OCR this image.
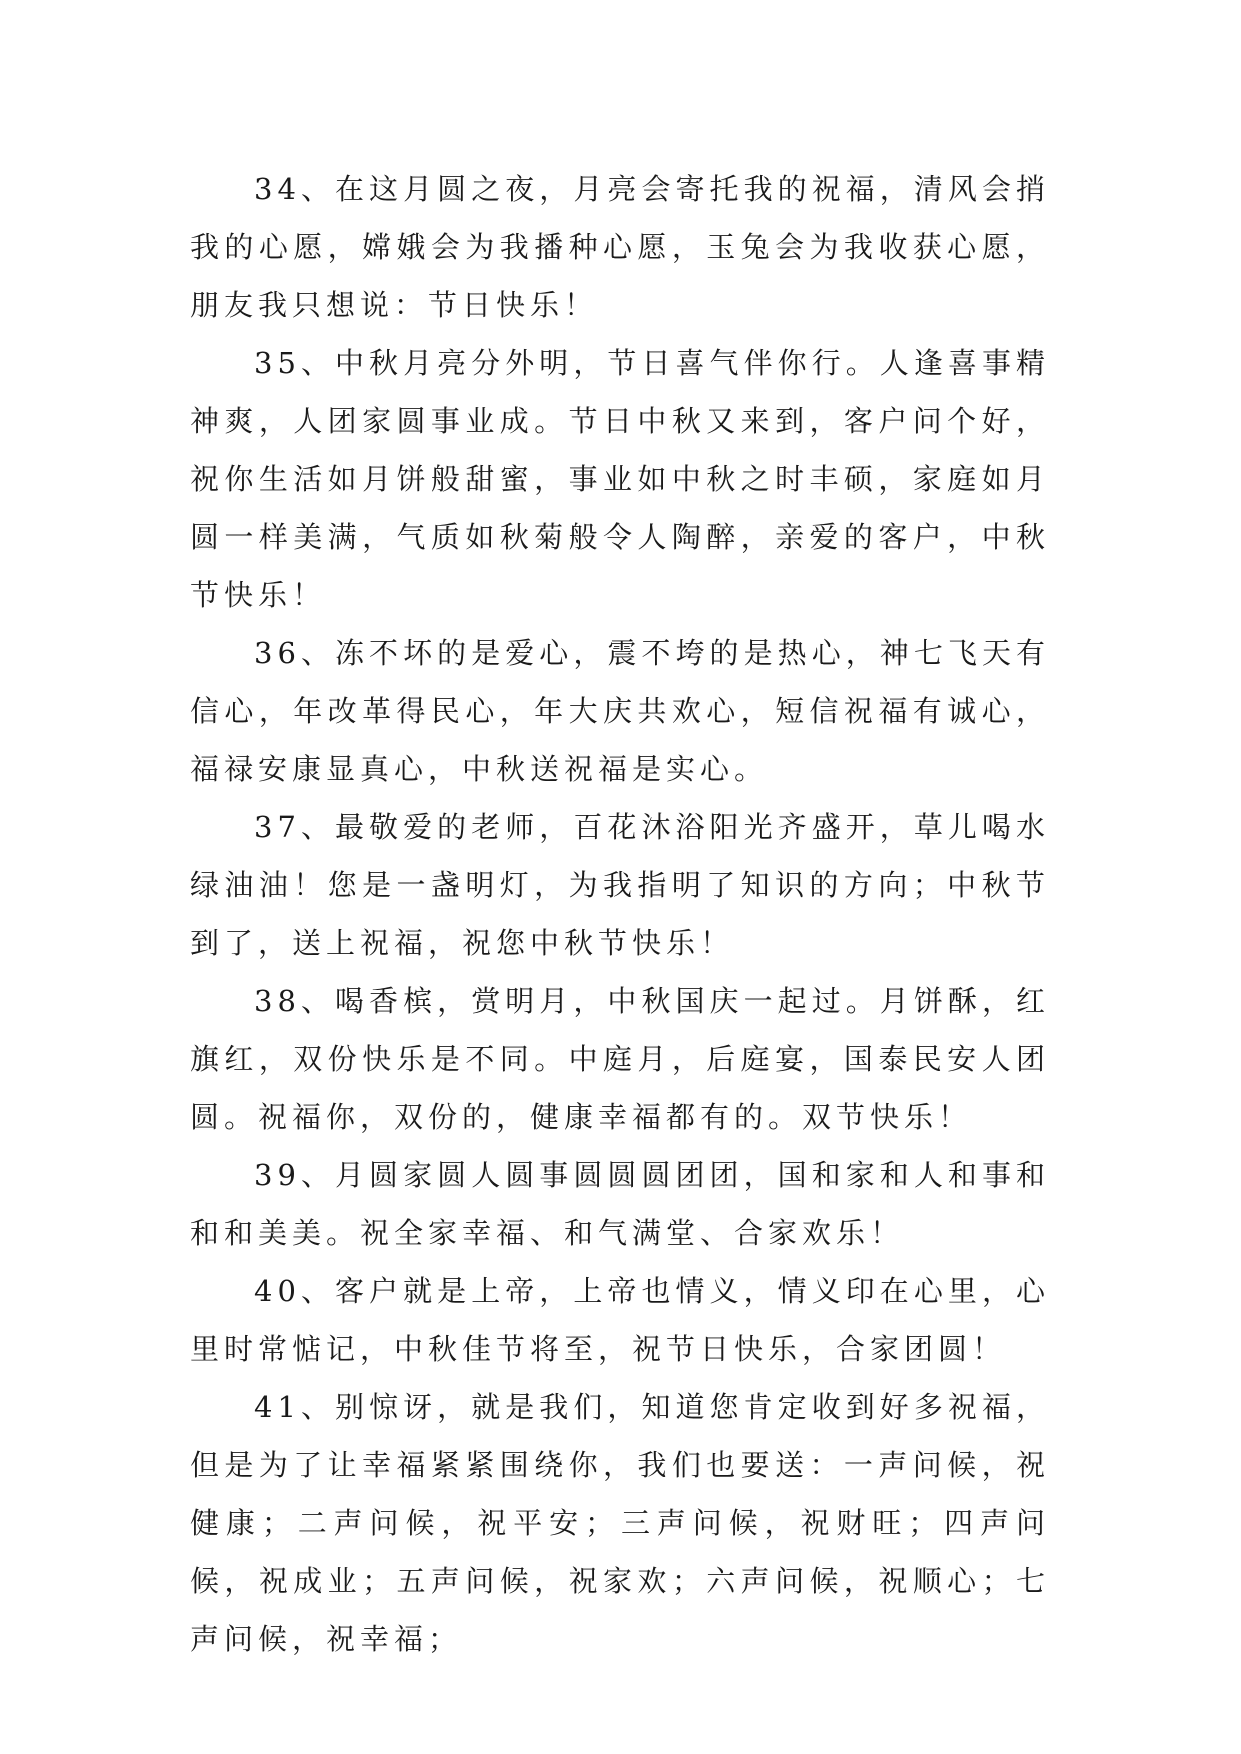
34、在这月圆之夜，月亮会寄托我的祝福，清风会捎我的心愿，嫦娥会为我播种心愿，玉兔会为我收获心愿，朋友我只想说：节日快乐！

35、中秋月亮分外明，节日喜气伴你行。人逢喜事精神爽，人团家圆事业成。节日中秋又来到，客户问个好，祝你生活如月饼般甜蜜，事业如中秋之时丰硕，家庭如月圆一样美满，气质如秋菊般令人陶醉，亲爱的客户，中秋节快乐！

36、冻不坏的是爱心，震不垮的是热心，神七飞天有信心，年改革得民心，年大庆共欢心，短信祝福有诚心，福禄安康显真心，中秋送祝福是实心。

37、最敬爱的老师，百花沐浴阳光齐盛开，草儿喝水绿油油！您是一盏明灯，为我指明了知识的方向；中秋节到了，送上祝福，祝您中秋节快乐！

38、喝香槟，赏明月，中秋国庆一起过。月饼酥，红旗红，双份快乐是不同。中庭月，后庭宴，国泰民安人团圆。祝福你，双份的，健康幸福都有的。双节快乐！

39、月圆家圆人圆事圆圆圆团团，国和家和人和事和和和美美。祝全家幸福、和气满堂、合家欢乐！

40、客户就是上帝，上帝也情义，情义印在心里，心里时常惦记，中秋佳节将至，祝节日快乐，合家团圆！

41、别惊讶，就是我们，知道您肯定收到好多祝福，但是为了让幸福紧紧围绕你，我们也要送：一声问候，祝健康；二声问候，祝平安；三声问候，祝财旺；四声问候，祝成业；五声问候，祝家欢；六声问候，祝顺心；七声问候，祝幸福；
